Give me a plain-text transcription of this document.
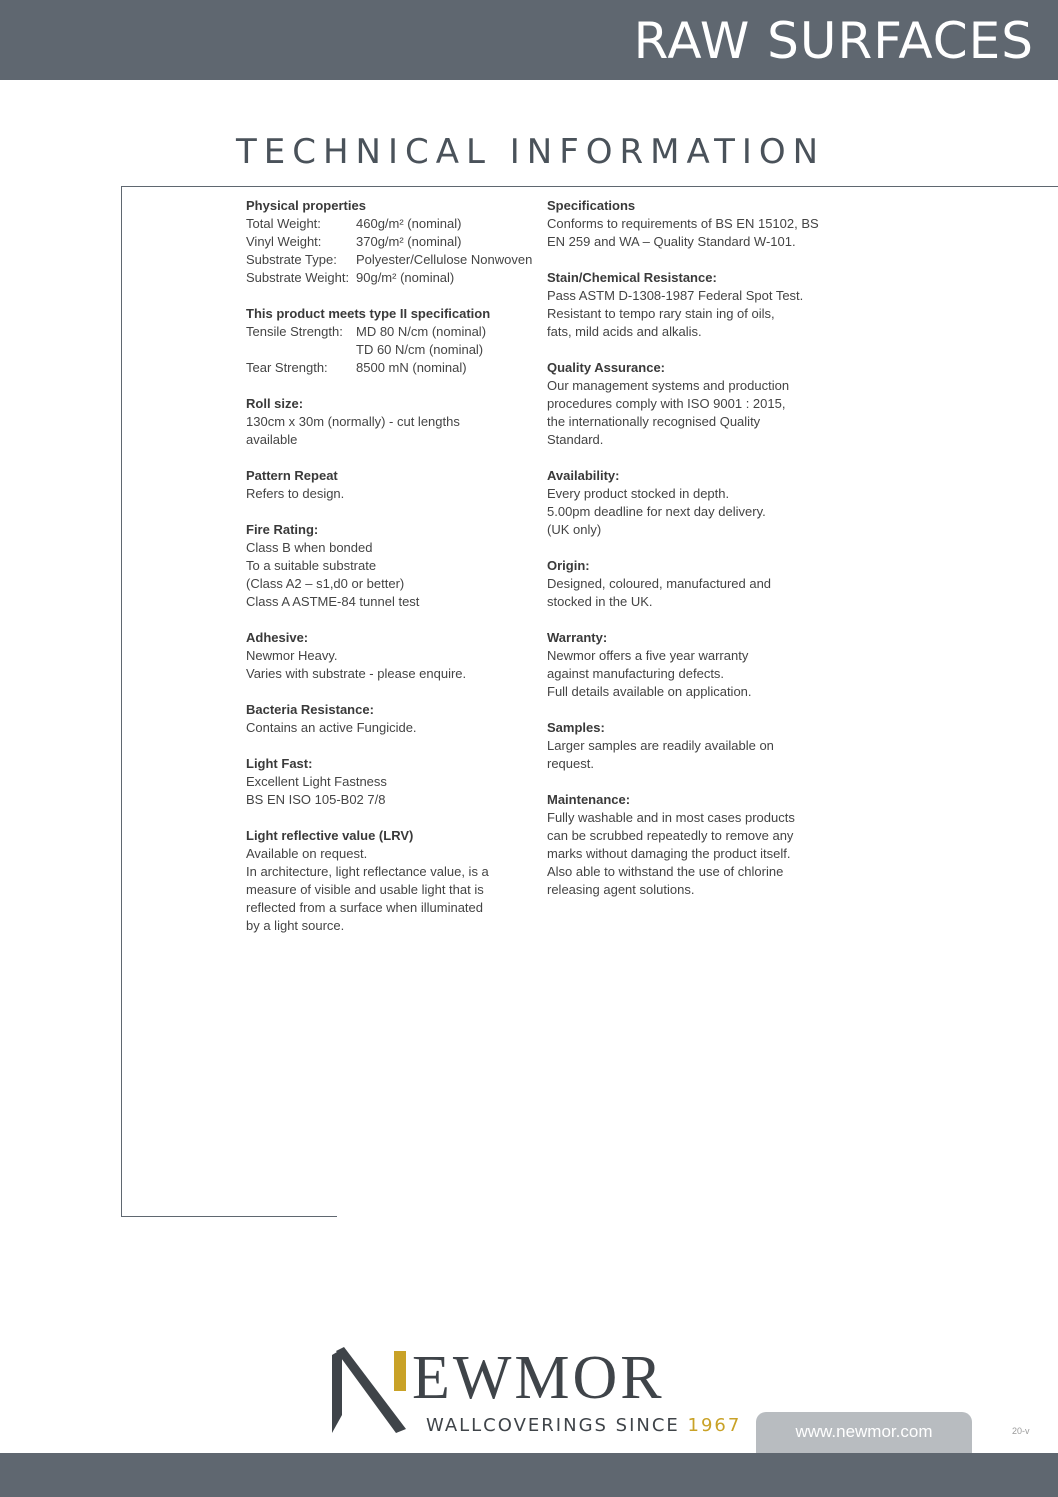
RAW SURFACES
TECHNICAL INFORMATION
Physical properties
Total Weight:	460g/m² (nominal)
Vinyl Weight:	370g/m² (nominal)
Substrate Type:	Polyester/Cellulose Nonwoven
Substrate Weight: 90g/m² (nominal)
This product meets type II specification
Tensile Strength:	MD 80 N/cm (nominal)
TD 60 N/cm (nominal)
Tear Strength:	8500 mN (nominal)
Roll size:
130cm x 30m (normally) - cut lengths
available
Pattern Repeat
Refers to design.
Fire Rating:
Class B when bonded
To a suitable substrate
(Class A2 – s1,d0 or better)
Class A ASTME-84 tunnel test
Adhesive:
Newmor Heavy.
Varies with substrate - please enquire.
Bacteria Resistance:
Contains an active Fungicide.
Light Fast:
Excellent Light Fastness
BS EN ISO 105-B02 7/8
Light reflective value (LRV)
Available on request.
In architecture, light reflectance value, is a
measure of visible and usable light that is
reflected from a surface when illuminated
by a light source.
Specifications
Conforms to requirements of BS EN 15102, BS
EN 259 and WA – Quality Standard W-101.
Stain/Chemical Resistance:
Pass ASTM D-1308-1987 Federal Spot Test.
Resistant to tempo rary stain ing of oils,
fats, mild acids and alkalis.
Quality Assurance:
Our management systems and production
procedures comply with ISO 9001 : 2015,
the internationally recognised Quality
Standard.
Availability:
Every product stocked in depth.
5.00pm deadline for next day delivery.
(UK only)
Origin:
Designed, coloured, manufactured and
stocked in the UK.
Warranty:
Newmor offers a five year warranty
against manufacturing defects.
Full details available on application.
Samples:
Larger samples are readily available on
request.
Maintenance:
Fully washable and in most cases products
can be scrubbed repeatedly to remove any
marks without damaging the product itself.
Also able to withstand the use of chlorine
releasing agent solutions.
EWMOR
WALLCOVERINGS SINCE 1967	www.newmor.com	20-v
